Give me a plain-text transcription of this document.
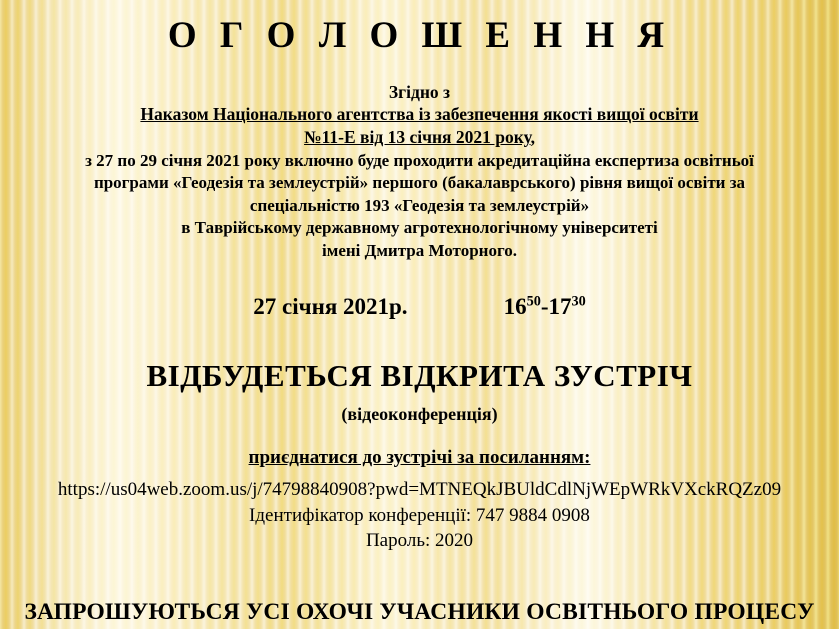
О Г О Л О Ш Е Н Н Я
Згідно з
Наказом Національного агентства із забезпечення якості вищої освіти
№11-Е від 13 січня 2021 року,
з 27 по 29 січня 2021 року включно буде проходити акредитаційна експертиза освітньої
програми «Геодезія та землеустрій» першого (бакалаврського) рівня вищої освіти за
спеціальністю 193 «Геодезія та землеустрій»
в Таврійському державному агротехнологічному університеті
імені Дмитра Моторного.
27 січня 2021р.	$16^{50}-17^{30}$
ВІДБУДЕТЬСЯ ВІДКРИТА ЗУСТРІЧ
(відеоконференція)
приєднатися до зустрічі за посиланням:
https://us04web.zoom.us/j/74798840908?pwd=MTNEQkJBUldCdlNjWEpWRkVXckRQZz09
Ідентифікатор конференції: 747 9884 0908
Пароль: 2020
ЗАПРОШУЮТЬСЯ УСІ ОХОЧІ УЧАСНИКИ ОСВІТНЬОГО ПРОЦЕСУ
